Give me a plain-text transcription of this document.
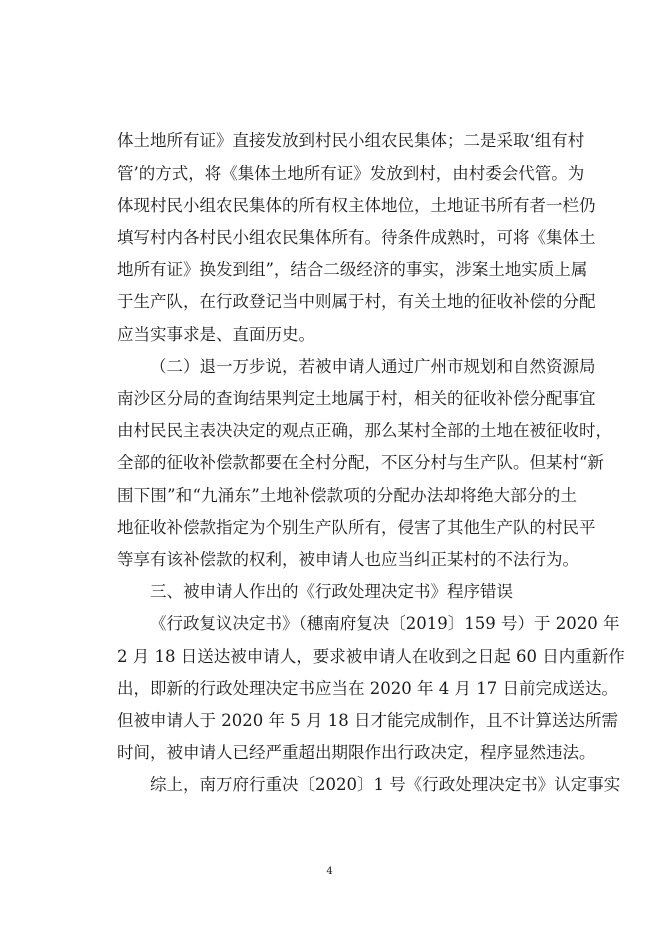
体土地所有证》直接发放到村民小组农民集体；二是采取‘组有村
管’的方式，将《集体土地所有证》发放到村，由村委会代管。为
体现村民小组农民集体的所有权主体地位，土地证书所有者一栏仍
填写村内各村民小组农民集体所有。待条件成熟时，可将《集体土
地所有证》换发到组”，结合二级经济的事实，涉案土地实质上属
于生产队，在行政登记当中则属于村，有关土地的征收补偿的分配
应当实事求是、直面历史。
（二）退一万步说，若被申请人通过广州市规划和自然资源局
南沙区分局的查询结果判定土地属于村，相关的征收补偿分配事宜
由村民民主表决决定的观点正确，那么某村全部的土地在被征收时，
全部的征收补偿款都要在全村分配，不区分村与生产队。但某村“新
围下围”和“九涌东”土地补偿款项的分配办法却将绝大部分的土
地征收补偿款指定为个别生产队所有，侵害了其他生产队的村民平
等享有该补偿款的权利，被申请人也应当纠正某村的不法行为。
三、被申请人作出的《行政处理决定书》程序错误
《行政复议决定书》（穗南府复决〔2019〕159 号）于 2020 年
2 月 18 日送达被申请人，要求被申请人在收到之日起 60 日内重新作
出，即新的行政处理决定书应当在 2020 年 4 月 17 日前完成送达。
但被申请人于 2020 年 5 月 18 日才能完成制作，且不计算送达所需
时间，被申请人已经严重超出期限作出行政决定，程序显然违法。
综上，南万府行重决〔2020〕1 号《行政处理决定书》认定事实
4
